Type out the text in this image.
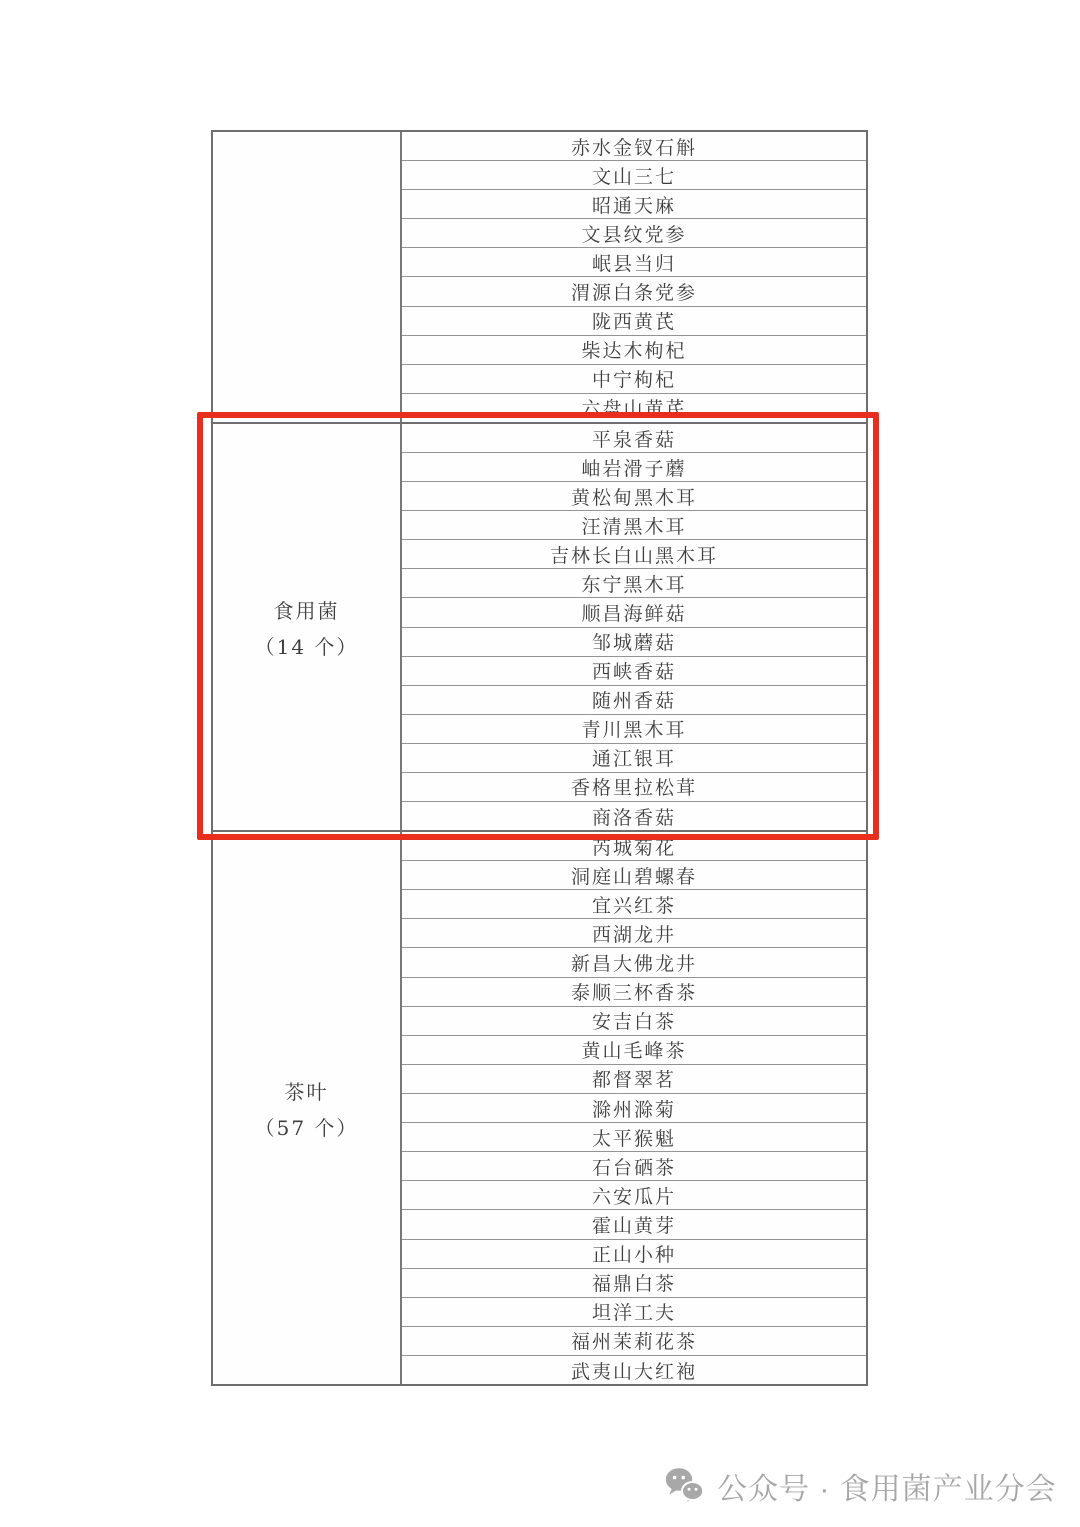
赤水金钗石斛
文山三七
昭通天麻
文县纹党参
岷县当归
渭源白条党参
陇西黄芪
柴达木枸杞
中宁枸杞
六盘山黄芪
食用菌
（14 个）
平泉香菇
岫岩滑子蘑
黄松甸黑木耳
汪清黑木耳
吉林长白山黑木耳
东宁黑木耳
顺昌海鲜菇
邹城蘑菇
西峡香菇
随州香菇
青川黑木耳
通江银耳
香格里拉松茸
商洛香菇
茶叶
（57 个）
芮城菊花
洞庭山碧螺春
宜兴红茶
西湖龙井
新昌大佛龙井
泰顺三杯香茶
安吉白茶
黄山毛峰茶
都督翠茗
滁州滁菊
太平猴魁
石台硒茶
六安瓜片
霍山黄芽
正山小种
福鼎白茶
坦洋工夫
福州茉莉花茶
武夷山大红袍
公众号 · 食用菌产业分会
